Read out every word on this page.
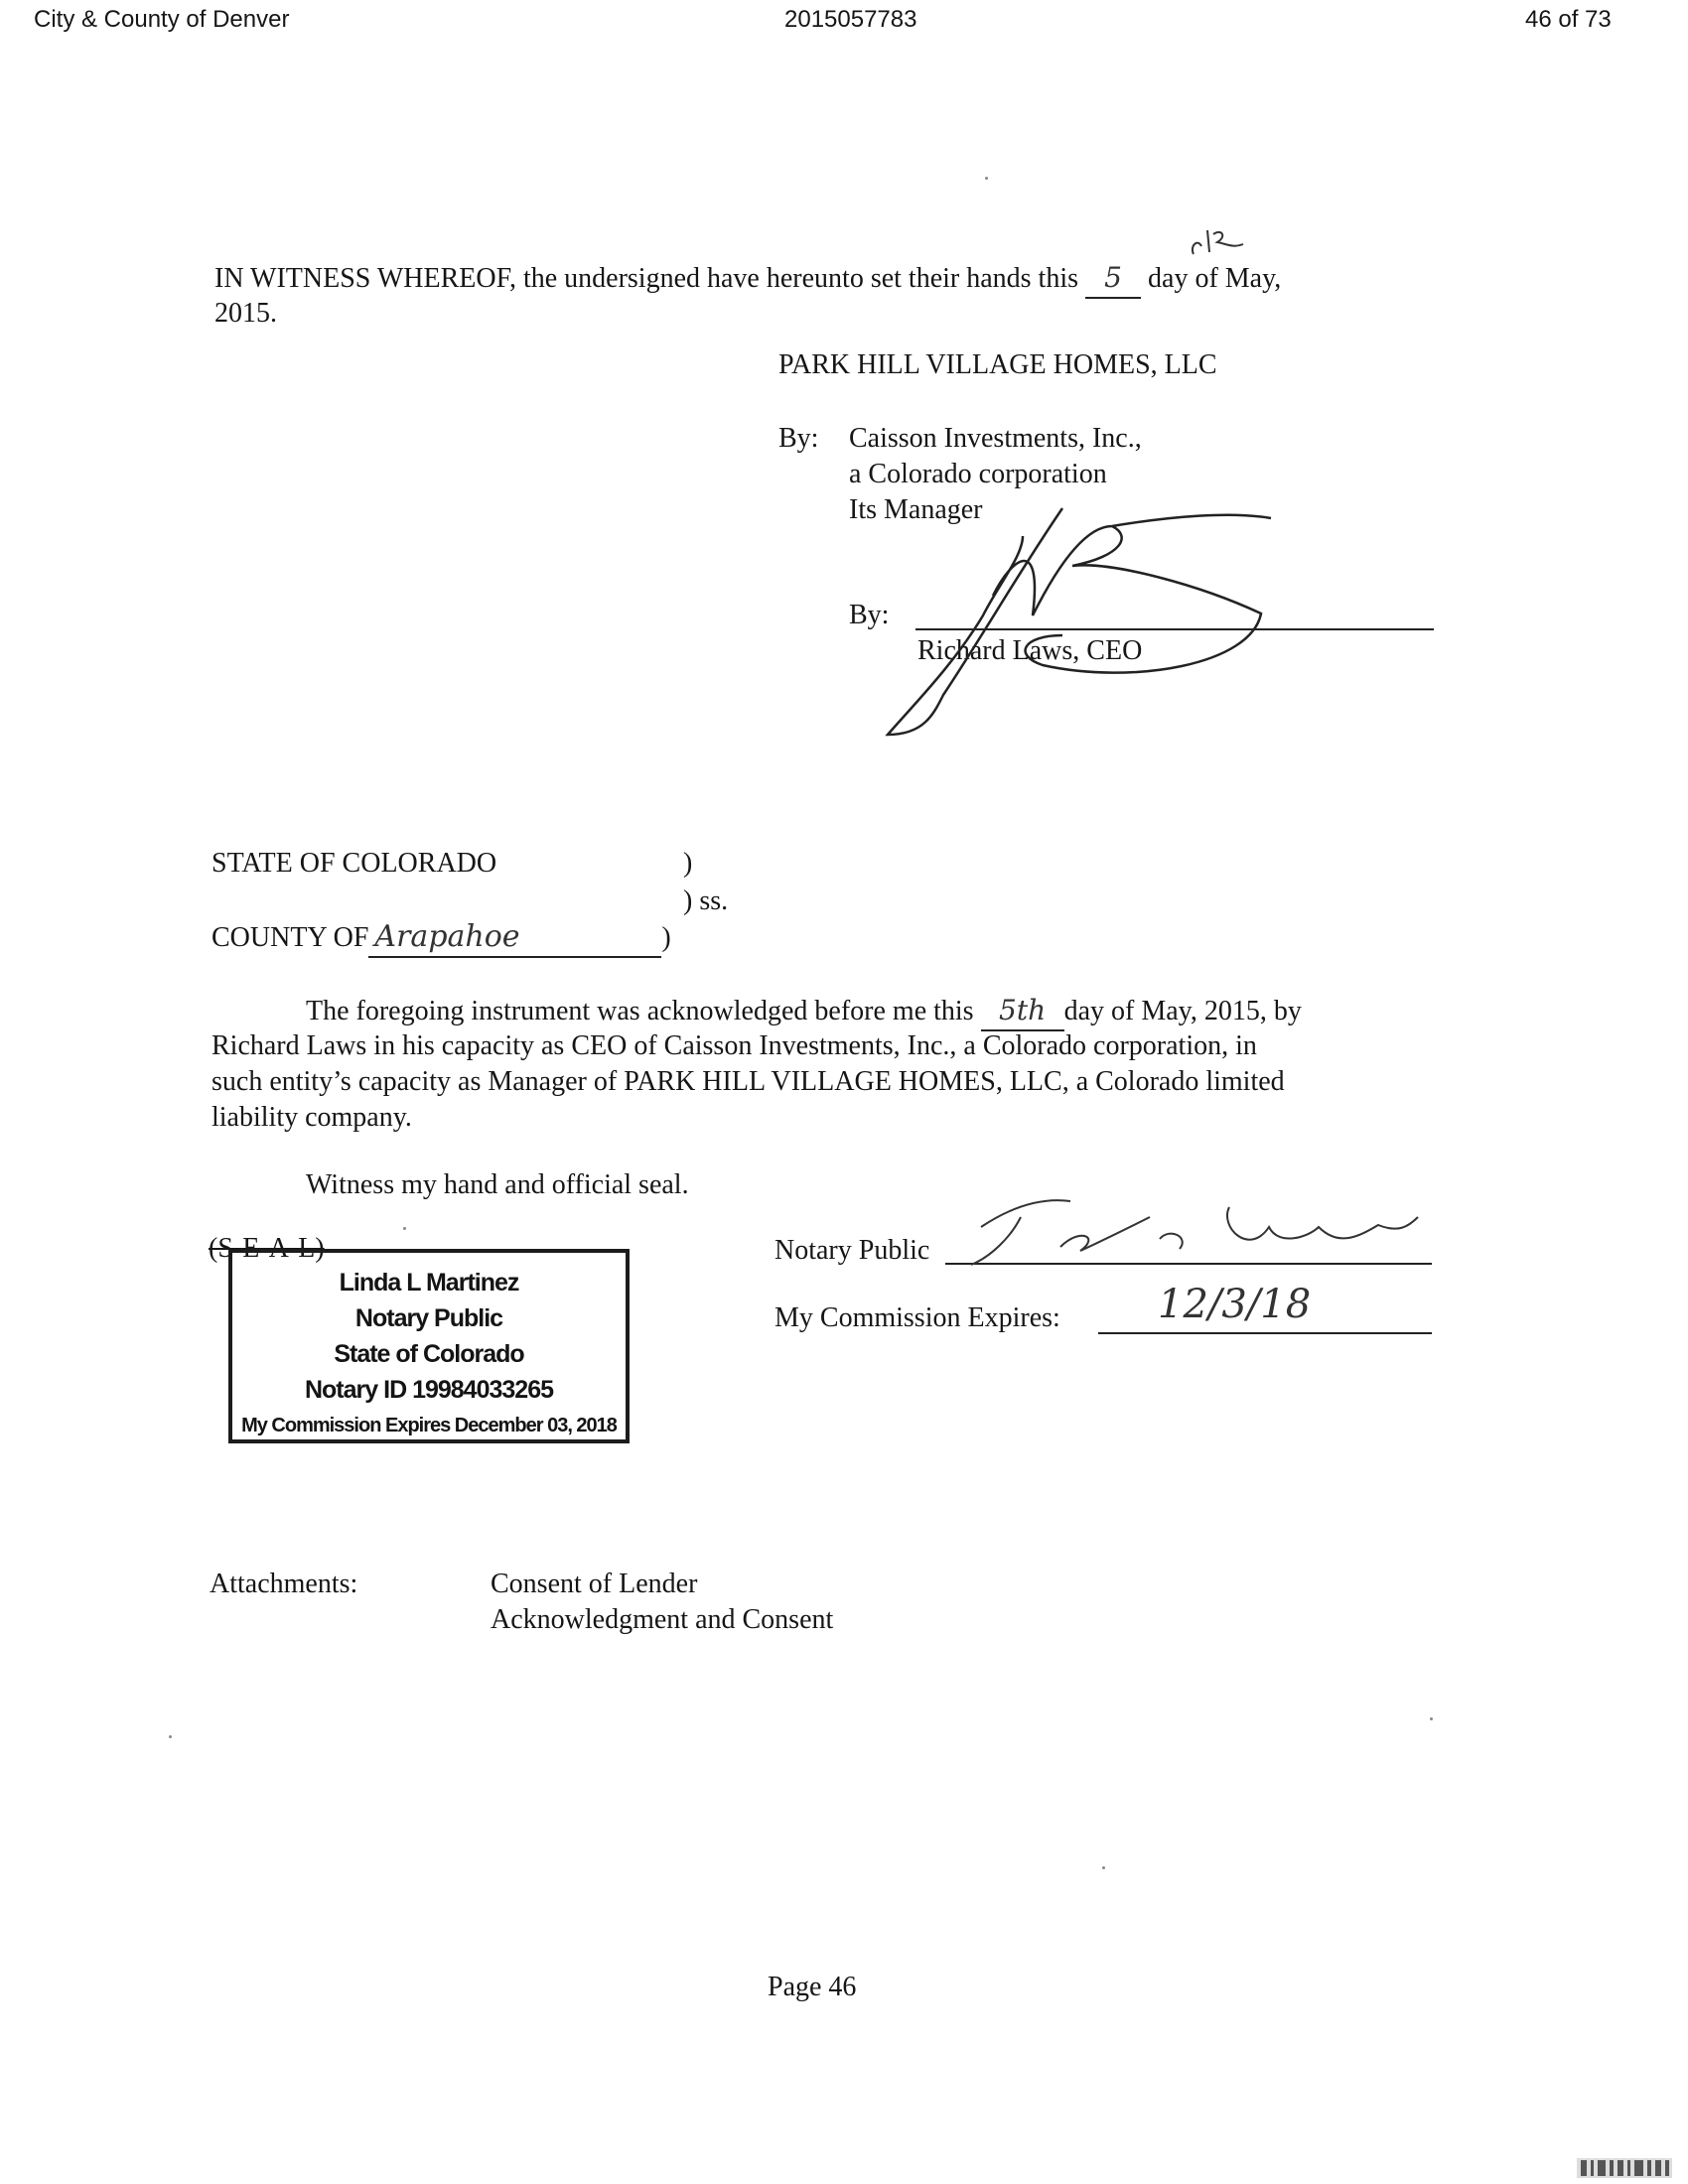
City & County of Denver	2015057783	46 of 73
IN WITNESS WHEREOF, the undersigned have hereunto set their hands this 5 day of May,
2015.
PARK HILL VILLAGE HOMES, LLC
By: Caisson Investments, Inc.,
a Colorado corporation
Its Manager
By:
Richard Laws, CEO
STATE OF COLORADO	)
) ss.
COUNTY OF Arapahoe	)
The foregoing instrument was acknowledged before me this 5th day of May, 2015, by
Richard Laws in his capacity as CEO of Caisson Investments, Inc., a Colorado corporation, in
such entity’s capacity as Manager of PARK HILL VILLAGE HOMES, LLC, a Colorado limited
liability company.
Witness my hand and official seal.
(S-E-A-L)
Linda L Martinez
Notary Public
State of Colorado
Notary ID 19984033265
My Commission Expires December 03, 2018
Notary Public
My Commission Expires: 12/3/18
Attachments:	Consent of Lender
Acknowledgment and Consent
Page 46
